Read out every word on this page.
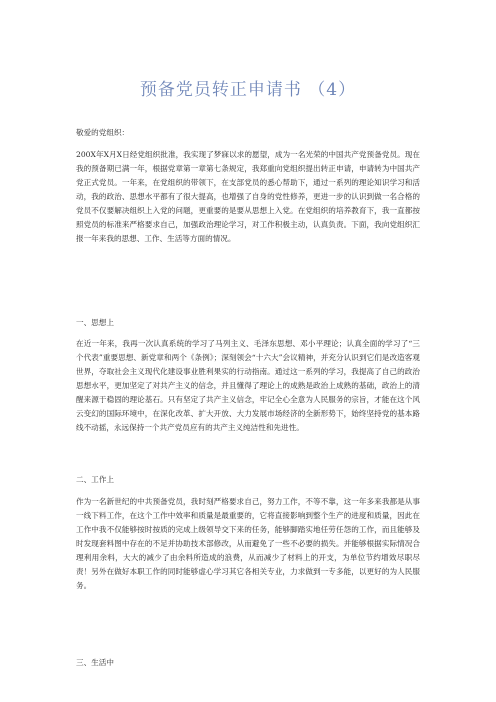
预备党员转正申请书 （4）
敬爱的党组织：
200X年X月X日经党组织批准，我实现了梦寐以求的愿望，成为一名光荣的中国共产党预备党员。现在我的预备期已满一年，根据党章第一章第七条规定，我郑重向党组织提出转正申请，申请转为中国共产党正式党员。一年来，在党组织的带领下，在支部党员的悉心帮助下，通过一系列的理论知识学习和活动，我的政治、思想水平都有了很大提高，也增强了自身的党性修养，更进一步的认识到做一名合格的党员不仅要解决组织上入党的问题，更重要的是要从思想上入党。在党组织的培养教育下，我一直都按照党员的标准来严格要求自己，加强政治理论学习，对工作积极主动，认真负责。下面，我向党组织汇报一年来我的思想、工作、生活等方面的情况。
一、思想上
在近一年来，我再一次认真系统的学习了马列主义、毛泽东思想、邓小平理论；认真全面的学习了“三个代表”重要思想、新党章和两个《条例》；深刻领会“十六大”会议精神，并充分认识到它们是改造客观世界，夺取社会主义现代化建设事业胜利果实的行动指南。通过这一系列的学习，我提高了自己的政治思想水平，更加坚定了对共产主义的信念，并且懂得了理论上的成熟是政治上成熟的基础，政治上的清醒来源于稳固的理论基石。只有坚定了共产主义信念，牢记全心全意为人民服务的宗旨，才能在这个风云变幻的国际环境中，在深化改革、扩大开放、大力发展市场经济的全新形势下，始终坚持党的基本路线不动摇，永远保持一个共产党员应有的共产主义纯洁性和先进性。
二、工作上
作为一名新世纪的中共预备党员，我时刻严格要求自己，努力工作，不等不靠，这一年多来我都是从事一线下料工作，在这个工作中效率和质量是最重要的，它将直接影响到整个生产的进度和质量，因此在工作中我不仅能够按时按质的完成上级领导交下来的任务，能够脚踏实地任劳任怨的工作，而且能够及时发现套料图中存在的不足并协助技术部修改，从而避免了一些不必要的损失。并能够根据实际情况合理利用余料，大大的减少了由余料所造成的浪费，从而减少了材料上的开支，为单位节约增效尽职尽责！另外在做好本职工作的同时能够虚心学习其它各相关专业，力求做到一专多能，以更好的为人民服务。
三、生活中
